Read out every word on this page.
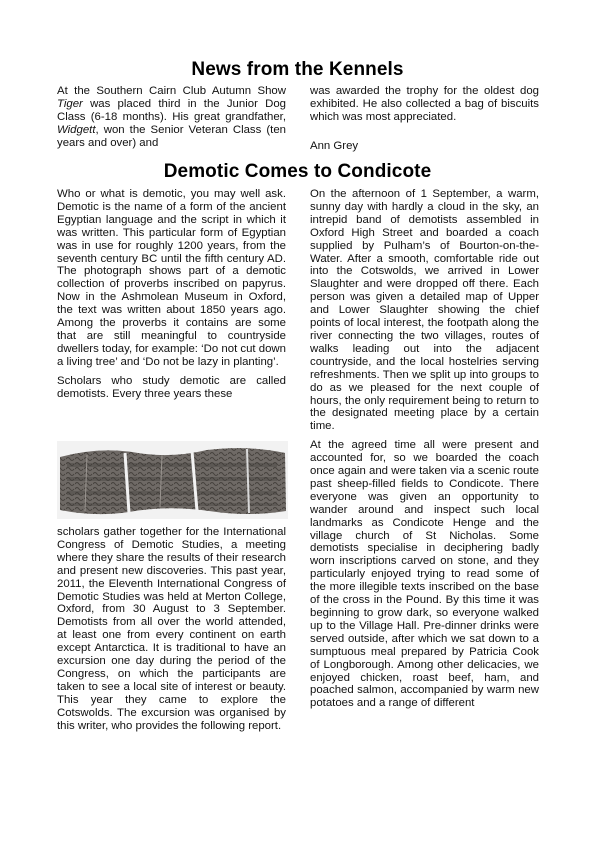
News from the Kennels

At the Southern Cairn Club Autumn Show Tiger was placed third in the Junior Dog Class (6-18 months). His great grandfather, Widgett, won the Senior Veteran Class (ten years and over) and

was awarded the trophy for the oldest dog exhibited. He also collected a bag of biscuits which was most appreciated.

Ann Grey

Demotic Comes to Condicote

Who or what is demotic, you may well ask. Demotic is the name of a form of the ancient Egyptian language and the script in which it was written. This particular form of Egyptian was in use for roughly 1200 years, from the seventh century BC until the fifth century AD. The photograph shows part of a demotic collection of proverbs inscribed on papyrus. Now in the Ashmolean Museum in Oxford, the text was written about 1850 years ago. Among the proverbs it contains are some that are still meaningful to countryside dwellers today, for example: ‘Do not cut down a living tree’ and ‘Do not be lazy in planting’.

Scholars who study demotic are called demotists. Every three years these

scholars gather together for the International Congress of Demotic Studies, a meeting where they share the results of their research and present new discoveries. This past year, 2011, the Eleventh International Congress of Demotic Studies was held at Merton College, Oxford, from 30 August to 3 September. Demotists from all over the world attended, at least one from every continent on earth except Antarctica. It is traditional to have an excursion one day during the period of the Congress, on which the participants are taken to see a local site of interest or beauty. This year they came to explore the Cotswolds. The excursion was organised by this writer, who provides the following report.

On the afternoon of 1 September, a warm, sunny day with hardly a cloud in the sky, an intrepid band of demotists assembled in Oxford High Street and boarded a coach supplied by Pulham’s of Bourton-on-the-Water. After a smooth, comfortable ride out into the Cotswolds, we arrived in Lower Slaughter and were dropped off there. Each person was given a detailed map of Upper and Lower Slaughter showing the chief points of local interest, the footpath along the river connecting the two villages, routes of walks leading out into the adjacent countryside, and the local hostelries serving refreshments. Then we split up into groups to do as we pleased for the next couple of hours, the only requirement being to return to the designated meeting place by a certain time.

At the agreed time all were present and accounted for, so we boarded the coach once again and were taken via a scenic route past sheep-filled fields to Condicote. There everyone was given an opportunity to wander around and inspect such local landmarks as Condicote Henge and the village church of St Nicholas. Some demotists specialise in deciphering badly worn inscriptions carved on stone, and they particularly enjoyed trying to read some of the more illegible texts inscribed on the base of the cross in the Pound. By this time it was beginning to grow dark, so everyone walked up to the Village Hall. Pre-dinner drinks were served outside, after which we sat down to a sumptuous meal prepared by Patricia Cook of Longborough. Among other delicacies, we enjoyed chicken, roast beef, ham, and poached salmon, accompanied by warm new potatoes and a range of different
